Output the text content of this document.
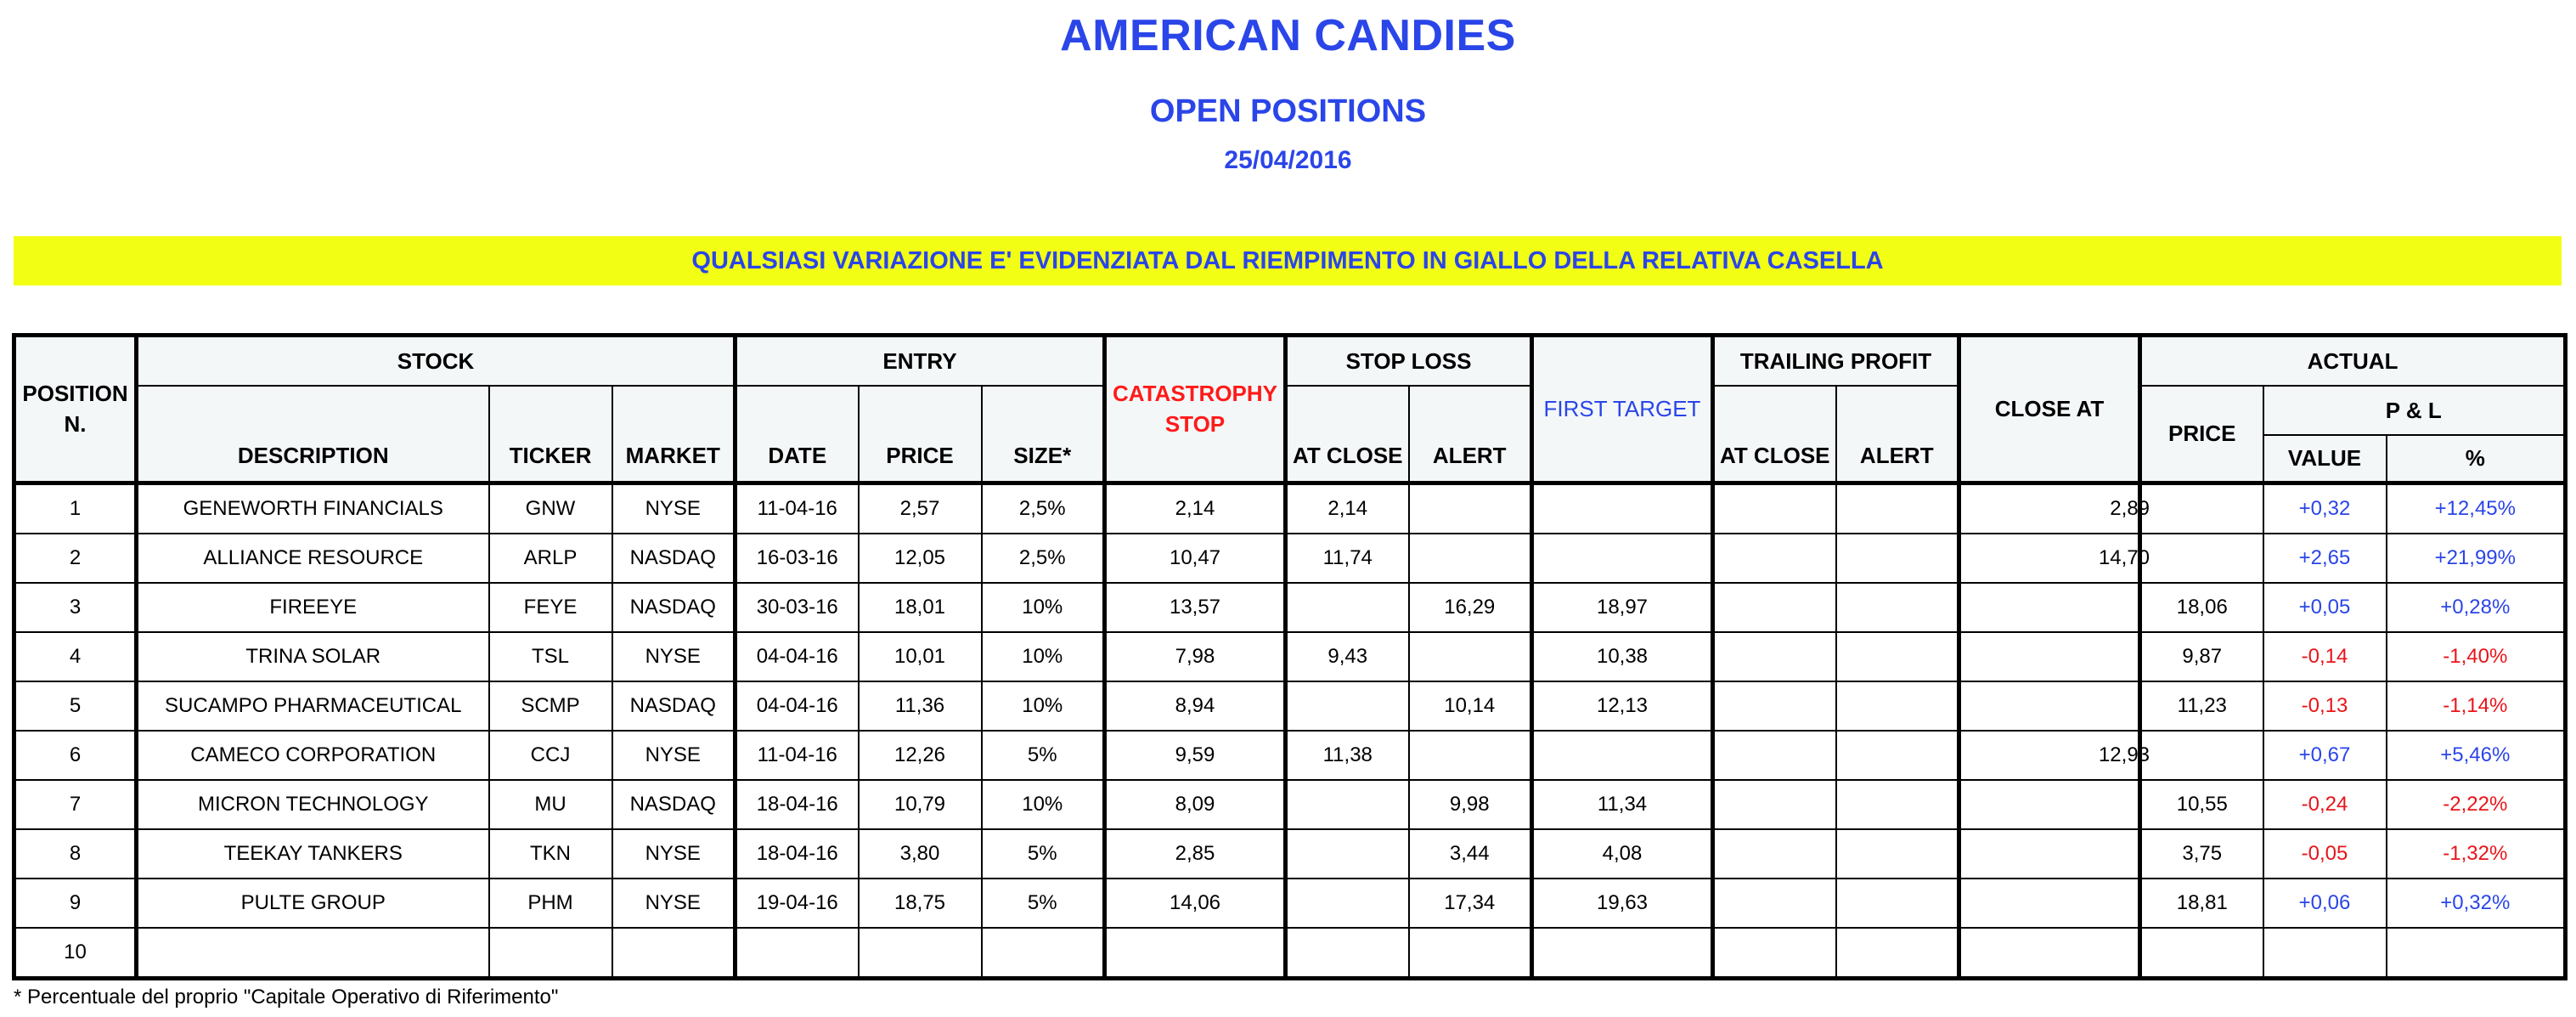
AMERICAN CANDIES
OPEN POSITIONS
25/04/2016
QUALSIASI VARIAZIONE E' EVIDENZIATA DAL RIEMPIMENTO IN GIALLO DELLA RELATIVA CASELLA
POSITION N.	STOCK			ENTRY			CATASTROPHY STOP	STOP LOSS		FIRST TARGET	TRAILING PROFIT		CLOSE AT	ACTUAL		
	DESCRIPTION	TICKER	MARKET	DATE	PRICE	SIZE*		AT CLOSE	ALERT		AT CLOSE	ALERT		PRICE	P & L	
															VALUE	%
1	GENEWORTH FINANCIALS	GNW	NYSE	11-04-16	2,57	2,5%	2,14	2,14					2,89		+0,32	+12,45%
2	ALLIANCE RESOURCE	ARLP	NASDAQ	16-03-16	12,05	2,5%	10,47	11,74					14,70		+2,65	+21,99%
3	FIREEYE	FEYE	NASDAQ	30-03-16	18,01	10%	13,57		16,29	18,97				18,06	+0,05	+0,28%
4	TRINA SOLAR	TSL	NYSE	04-04-16	10,01	10%	7,98	9,43		10,38				9,87	-0,14	-1,40%
5	SUCAMPO PHARMACEUTICAL	SCMP	NASDAQ	04-04-16	11,36	10%	8,94		10,14	12,13				11,23	-0,13	-1,14%
6	CAMECO CORPORATION	CCJ	NYSE	11-04-16	12,26	5%	9,59	11,38					12,93		+0,67	+5,46%
7	MICRON TECHNOLOGY	MU	NASDAQ	18-04-16	10,79	10%	8,09		9,98	11,34				10,55	-0,24	-2,22%
8	TEEKAY TANKERS	TKN	NYSE	18-04-16	3,80	5%	2,85		3,44	4,08				3,75	-0,05	-1,32%
9	PULTE GROUP	PHM	NYSE	19-04-16	18,75	5%	14,06		17,34	19,63				18,81	+0,06	+0,32%
10																
* Percentuale del proprio "Capitale Operativo di Riferimento"
